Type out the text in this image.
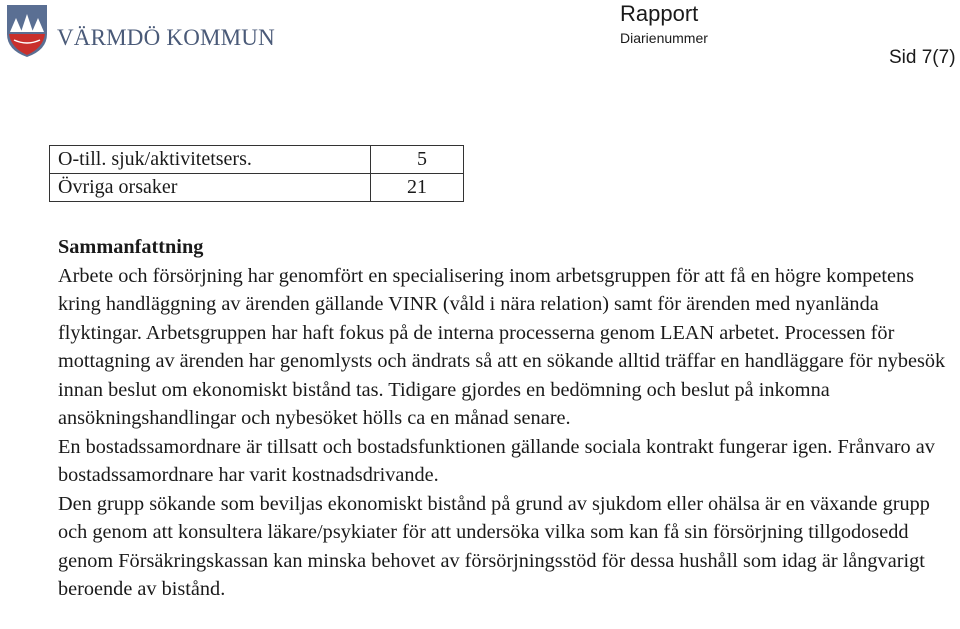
VÄRMDÖ KOMMUN
Rapport
Diarienummer
Sid 7(7)
O-till. sjuk/aktivitetsers.	5
Övriga orsaker	21
Sammanfattning

Arbete och försörjning har genomfört en specialisering inom arbetsgruppen för att få en högre kompetens kring handläggning av ärenden gällande VINR (våld i nära relation) samt för ärenden med nyanlända flyktingar. Arbetsgruppen har haft fokus på de interna processerna genom LEAN arbetet. Processen för mottagning av ärenden har genomlysts och ändrats så att en sökande alltid träffar en handläggare för nybesök innan beslut om ekonomiskt bistånd tas. Tidigare gjordes en bedömning och beslut på inkomna ansökningshandlingar och nybesöket hölls ca en månad senare.

En bostadssamordnare är tillsatt och bostadsfunktionen gällande sociala kontrakt fungerar igen. Frånvaro av bostadssamordnare har varit kostnadsdrivande.

Den grupp sökande som beviljas ekonomiskt bistånd på grund av sjukdom eller ohälsa är en växande grupp och genom att konsultera läkare/psykiater för att undersöka vilka som kan få sin försörjning tillgodosedd genom Försäkringskassan kan minska behovet av försörjningsstöd för dessa hushåll som idag är långvarigt beroende av bistånd.
